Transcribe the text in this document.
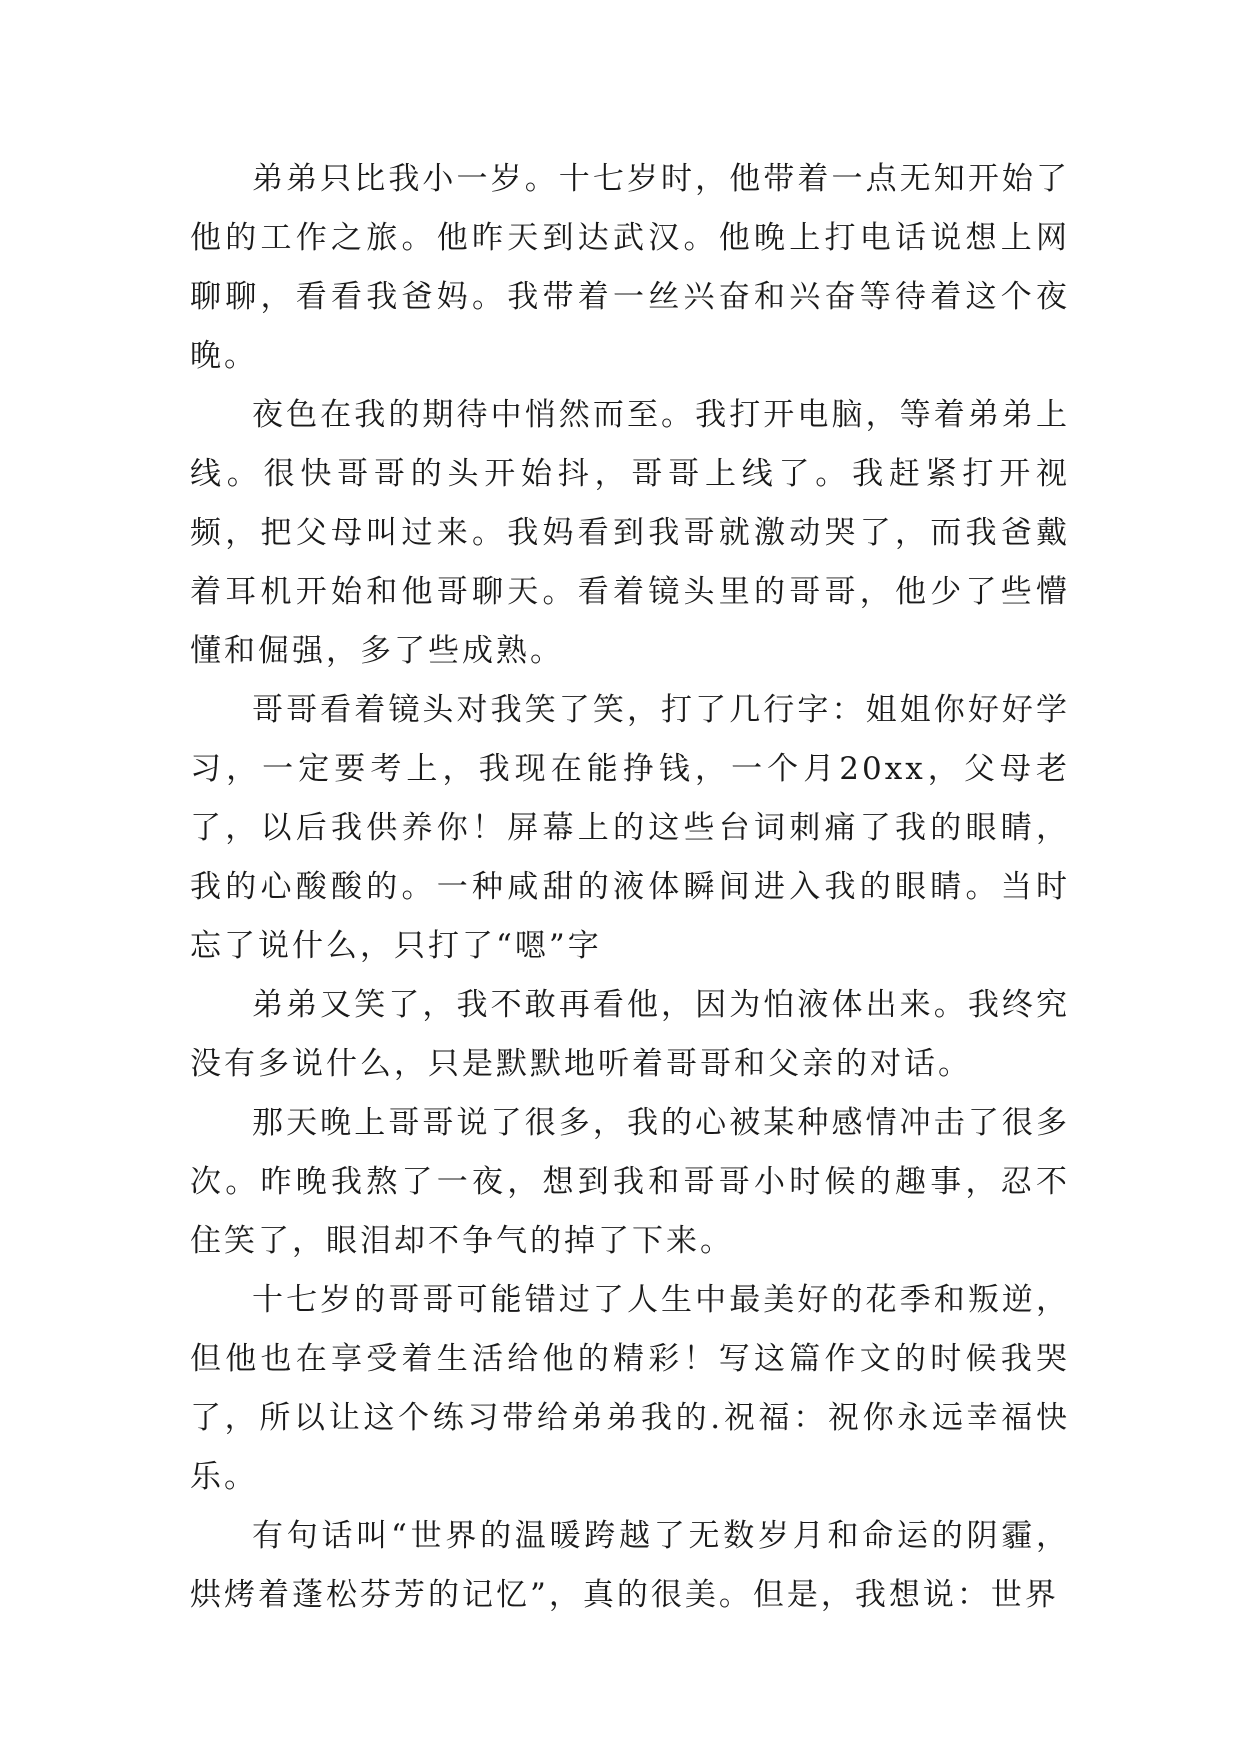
弟弟只比我小一岁。十七岁时，他带着一点无知开始了他的工作之旅。他昨天到达武汉。他晚上打电话说想上网聊聊，看看我爸妈。我带着一丝兴奋和兴奋等待着这个夜晚。

夜色在我的期待中悄然而至。我打开电脑，等着弟弟上线。很快哥哥的头开始抖，哥哥上线了。我赶紧打开视频，把父母叫过来。我妈看到我哥就激动哭了，而我爸戴着耳机开始和他哥聊天。看着镜头里的哥哥，他少了些懵懂和倔强，多了些成熟。

哥哥看着镜头对我笑了笑，打了几行字：姐姐你好好学习，一定要考上，我现在能挣钱，一个月20xx，父母老了，以后我供养你！屏幕上的这些台词刺痛了我的眼睛，我的心酸酸的。一种咸甜的液体瞬间进入我的眼睛。当时忘了说什么，只打了“嗯”字

弟弟又笑了，我不敢再看他，因为怕液体出来。我终究没有多说什么，只是默默地听着哥哥和父亲的对话。

那天晚上哥哥说了很多，我的心被某种感情冲击了很多次。昨晚我熬了一夜，想到我和哥哥小时候的趣事，忍不住笑了，眼泪却不争气的掉了下来。

十七岁的哥哥可能错过了人生中最美好的花季和叛逆，但他也在享受着生活给他的精彩！写这篇作文的时候我哭了，所以让这个练习带给弟弟我的.祝福：祝你永远幸福快乐。

有句话叫“世界的温暖跨越了无数岁月和命运的阴霾，烘烤着蓬松芬芳的记忆”，真的很美。但是，我想说：世界
